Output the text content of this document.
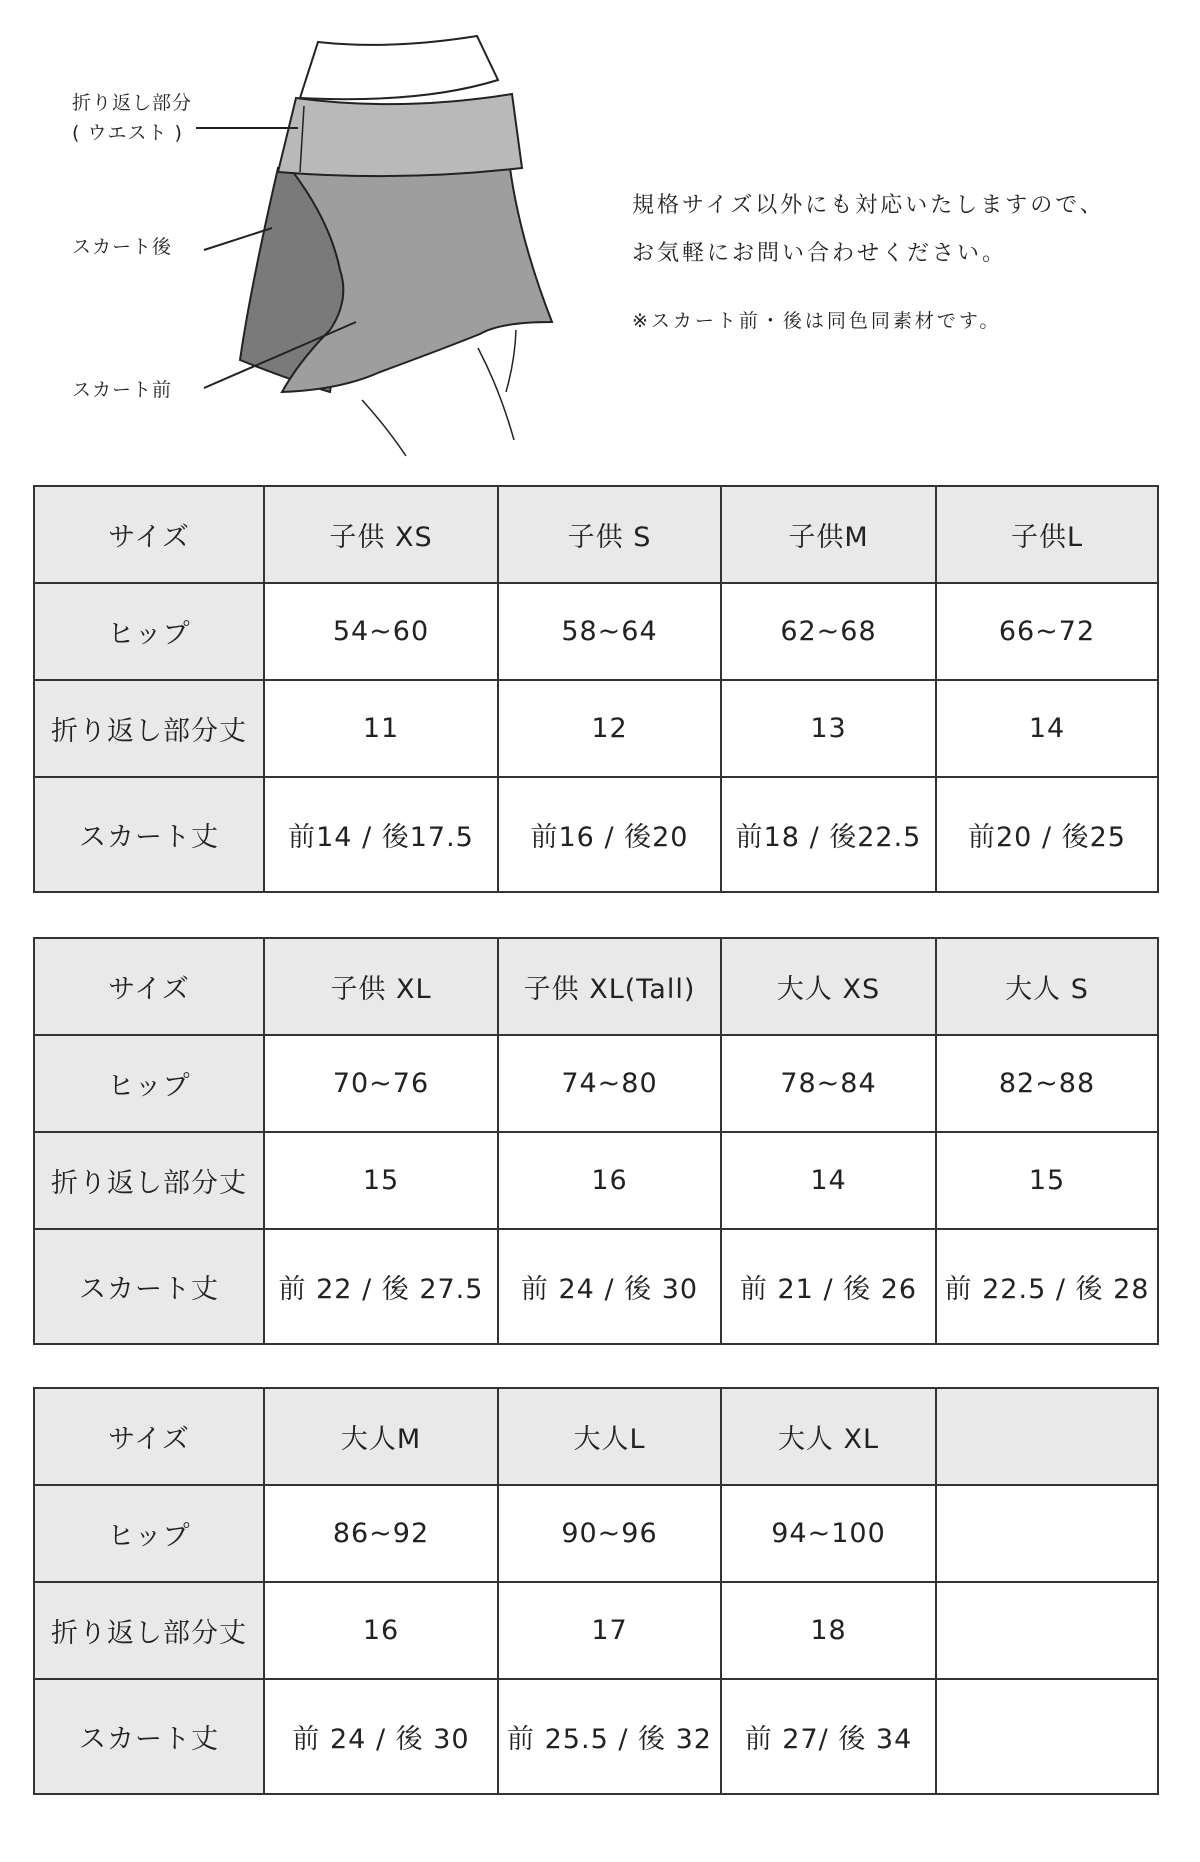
折り返し部分
( ウエスト )
スカート後
スカート前
規格サイズ以外にも対応いたしますので、
お気軽にお問い合わせください。
※スカート前・後は同色同素材です。
サイズ	子供 XS	子供 S	子供M	子供L
ヒップ	54~60	58~64	62~68	66~72
折り返し部分丈	11	12	13	14
スカート丈	前14 / 後17.5	前16 / 後20	前18 / 後22.5	前20 / 後25
サイズ	子供 XL	子供 XL(Tall)	大人 XS	大人 S
ヒップ	70~76	74~80	78~84	82~88
折り返し部分丈	15	16	14	15
スカート丈	前 22 / 後 27.5	前 24 / 後 30	前 21 / 後 26	前 22.5 / 後 28
サイズ	大人M	大人L	大人 XL	
ヒップ	86~92	90~96	94~100	
折り返し部分丈	16	17	18	
スカート丈	前 24 / 後 30	前 25.5 / 後 32	前 27/ 後 34	
